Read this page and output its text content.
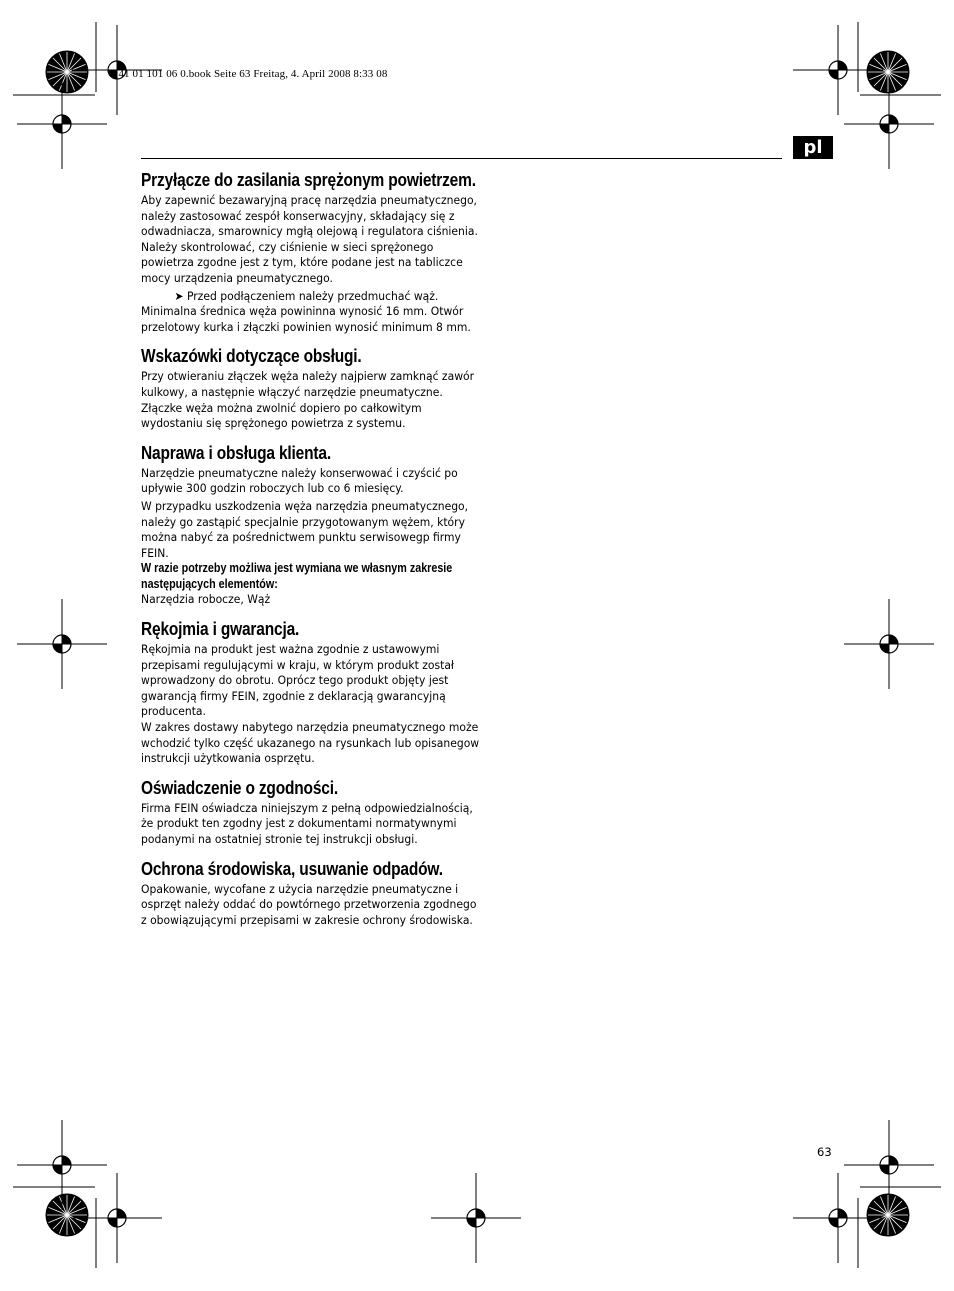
3 41 01 101 06 0.book Seite 63 Freitag, 4. April 2008 8:33 08
pl
Przyłącze do zasilania sprężonym powietrzem.

Aby zapewnić bezawaryjną pracę narzędzia pneumatycznego, należy zastosować zespół konserwacyjny, składający się z odwadniacza, smarownicy mgłą olejową i regulatora ciśnienia.

Należy skontrolować, czy ciśnienie w sieci sprężonego powietrza zgodne jest z tym, które podane jest na tabliczce mocy urządzenia pneumatycznego.

➤ Przed podłączeniem należy przedmuchać wąż.

Minimalna średnica węża powininna wynosić 16 mm. Otwór przelotowy kurka i złączki powinien wynosić minimum 8 mm.

Wskazówki dotyczące obsługi.

Przy otwieraniu złączek węża należy najpierw zamknąć zawór kulkowy, a następnie włączyć narzędzie pneumatyczne. Złączke węża można zwolnić dopiero po całkowitym wydostaniu się sprężonego powietrza z systemu.

Naprawa i obsługa klienta.

Narzędzie pneumatyczne należy konserwować i czyścić po upływie 300 godzin roboczych lub co 6 miesięcy.

W przypadku uszkodzenia węża narzędzia pneumatycznego, należy go zastąpić specjalnie przygotowanym wężem, który można nabyć za pośrednictwem punktu serwisowegp firmy FEIN.

W razie potrzeby możliwa jest wymiana we własnym zakresie następujących elementów:

Narzędzia robocze, Wąż

Rękojmia i gwarancja.

Rękojmia na produkt jest ważna zgodnie z ustawowymi przepisami regulującymi w kraju, w którym produkt został wprowadzony do obrotu. Oprócz tego produkt objęty jest gwarancją firmy FEIN, zgodnie z deklaracją gwarancyjną producenta.

W zakres dostawy nabytego narzędzia pneumatycznego może wchodzić tylko część ukazanego na rysunkach lub opisanegow instrukcji użytkowania osprzętu.

Oświadczenie o zgodności.

Firma FEIN oświadcza niniejszym z pełną odpowiedzialnością, że produkt ten zgodny jest z dokumentami normatywnymi podanymi na ostatniej stronie tej instrukcji obsługi.

Ochrona środowiska, usuwanie odpadów.

Opakowanie, wycofane z użycia narzędzie pneumatyczne i osprzęt należy oddać do powtórnego przetworzenia zgodnego z obowiązującymi przepisami w zakresie ochrony środowiska.

63
